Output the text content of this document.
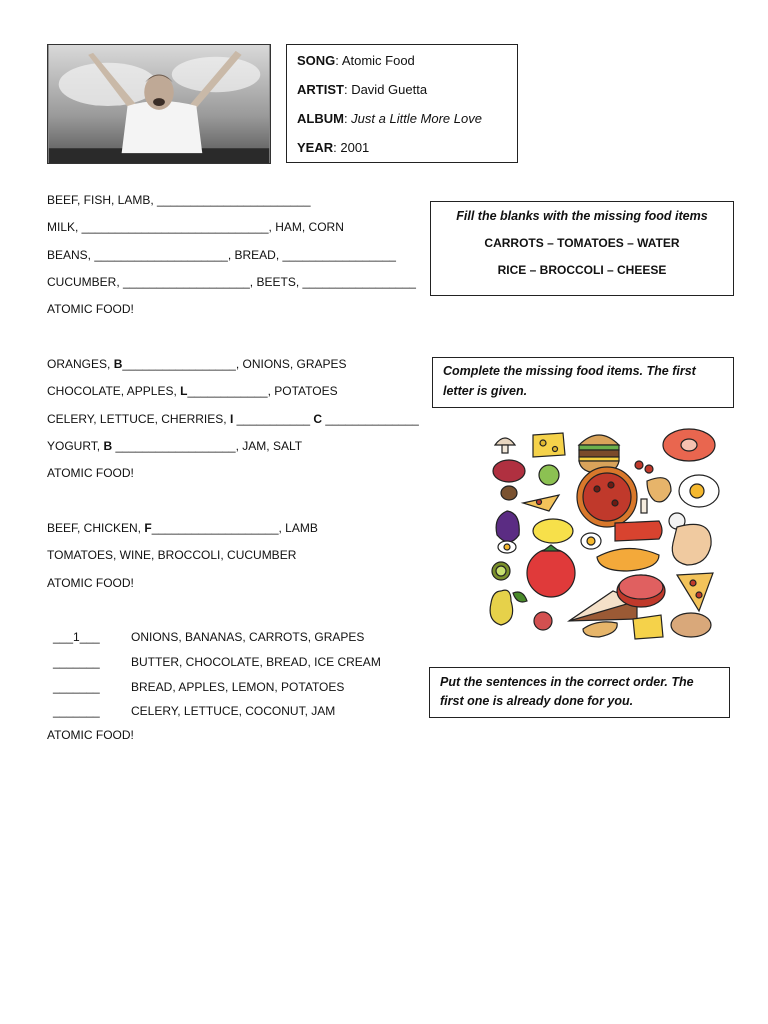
SONG: Atomic Food
ARTIST: David Guetta
ALBUM: Just a Little More Love
YEAR: 2001
BEEF, FISH, LAMB, _______________________
MILK, ____________________________, HAM, CORN
BEANS, ____________________, BREAD, _________________
CUCUMBER, ___________________, BEETS, _________________
ATOMIC FOOD!
ORANGES, B_________________, ONIONS, GRAPES
CHOCOLATE, APPLES, L____________, POTATOES
CELERY, LETTUCE, CHERRIES, I ___________ C ______________
YOGURT, B __________________, JAM, SALT
ATOMIC FOOD!
BEEF, CHICKEN, F___________________, LAMB
TOMATOES, WINE, BROCCOLI, CUCUMBER
ATOMIC FOOD!
___1___	ONIONS, BANANAS, CARROTS, GRAPES
_______	BUTTER, CHOCOLATE, BREAD, ICE CREAM
_______	BREAD, APPLES, LEMON, POTATOES
_______	CELERY, LETTUCE, COCONUT, JAM
ATOMIC FOOD!
Fill the blanks with the missing food items
CARROTS – TOMATOES – WATER
RICE – BROCCOLI – CHEESE
Complete the missing food items. The first letter is given.
Put the sentences in the correct order. The first one is already done for you.
